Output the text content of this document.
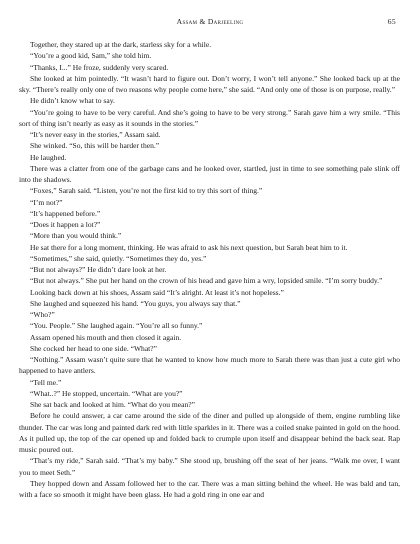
Assam & Darjeeling	65

Together, they stared up at the dark, starless sky for a while.

“You’re a good kid, Sam,” she told him.

“Thanks, I...” He froze, suddenly very scared.

She looked at him pointedly. “It wasn’t hard to figure out. Don’t worry, I won’t tell anyone.” She looked back up at the sky. “There’s really only one of two reasons why people come here,” she said. “And only one of those is on purpose, really.”

He didn’t know what to say.

“You’re going to have to be very careful. And she’s going to have to be very strong.” Sarah gave him a wry smile. “This sort of thing isn’t nearly as easy as it sounds in the stories.”

“It’s never easy in the stories,” Assam said.

She winked. “So, this will be harder then.”

He laughed.

There was a clatter from one of the garbage cans and he looked over, startled, just in time to see something pale slink off into the shadows.

“Foxes,” Sarah said. “Listen, you’re not the first kid to try this sort of thing.”

“I’m not?”

“It’s happened before.”

“Does it happen a lot?”

“More than you would think.”

He sat there for a long moment, thinking. He was afraid to ask his next question, but Sarah beat him to it.

“Sometimes,” she said, quietly. “Sometimes they do, yes.”

“But not always?” He didn’t dare look at her.

“But not always.” She put her hand on the crown of his head and gave him a wry, lopsided smile. “I’m sorry buddy.”

Looking back down at his shoes, Assam said “It’s alright. At least it’s not hopeless.”

She laughed and squeezed his hand. “You guys, you always say that.”

“Who?”

“You. People.” She laughed again. “You’re all so funny.”

Assam opened his mouth and then closed it again.

She cocked her head to one side. “What?”

“Nothing.” Assam wasn’t quite sure that he wanted to know how much more to Sarah there was than just a cute girl who happened to have antlers.

“Tell me.”

“What..?” He stopped, uncertain. “What are you?”

She sat back and looked at him. “What do you mean?”

Before he could answer, a car came around the side of the diner and pulled up alongside of them, engine rumbling like thunder. The car was long and painted dark red with little sparkles in it. There was a coiled snake painted in gold on the hood. As it pulled up, the top of the car opened up and folded back to crumple upon itself and disappear behind the back seat. Rap music poured out.

“That’s my ride,” Sarah said. “That’s my baby.” She stood up, brushing off the seat of her jeans. “Walk me over, I want you to meet Seth.”

They hopped down and Assam followed her to the car. There was a man sitting behind the wheel. He was bald and tan, with a face so smooth it might have been glass. He had a gold ring in one ear and
